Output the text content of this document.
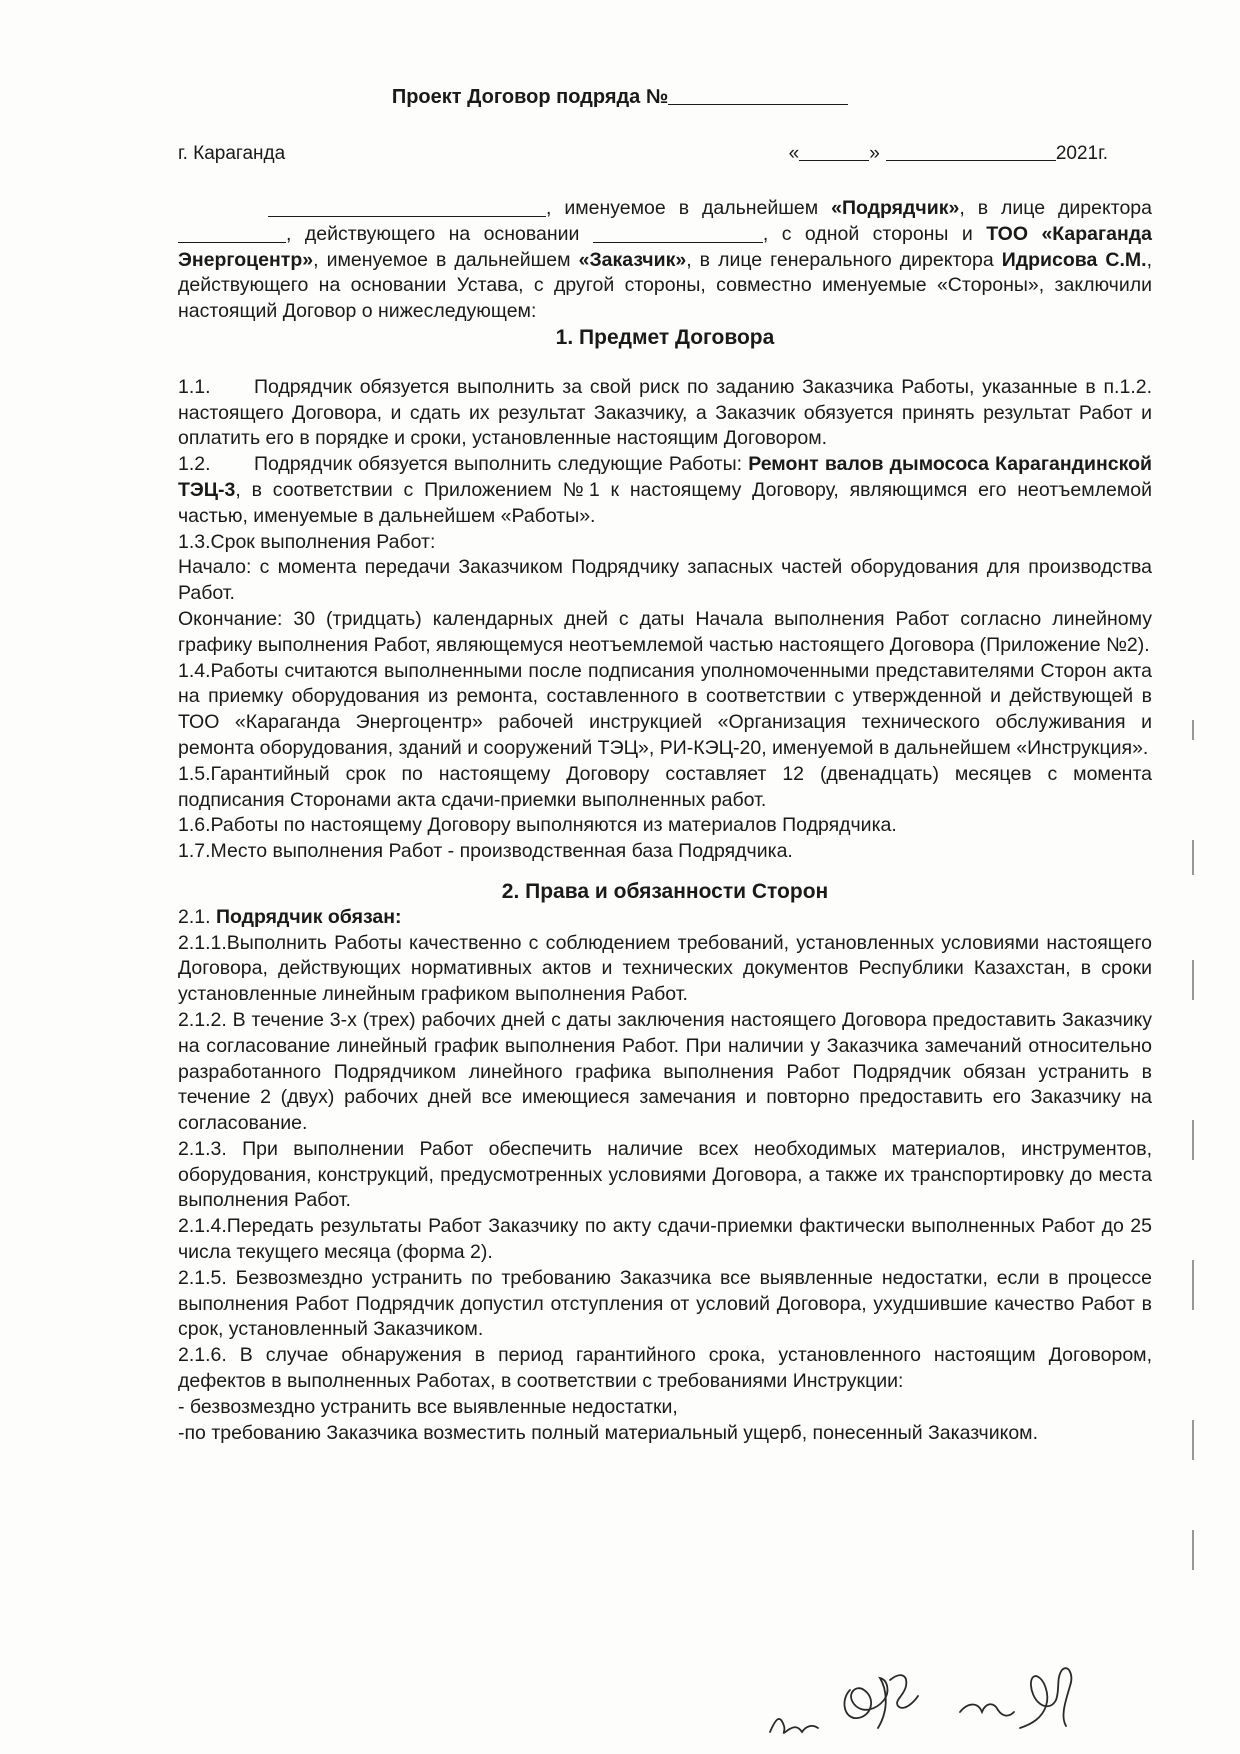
Проект Договор подряда №
г. Караганда	«	»	2021г.

, именуемое в дальнейшем «Подрядчик», в лице директора , действующего на основании	, с одной стороны и ТОО «Караганда Энергоцентр», именуемое в дальнейшем «Заказчик», в лице генерального директора Идрисова С.М., действующего на основании Устава, с другой стороны, совместно именуемые «Стороны», заключили настоящий Договор о нижеследующем:

1. Предмет Договора

1.1. Подрядчик обязуется выполнить за свой риск по заданию Заказчика Работы, указанные в п.1.2. настоящего Договора, и сдать их результат Заказчику, а Заказчик обязуется принять результат Работ и оплатить его в порядке и сроки, установленные настоящим Договором.

1.2. Подрядчик обязуется выполнить следующие Работы: Ремонт валов дымососа Карагандинской ТЭЦ-3, в соответствии с Приложением №1 к настоящему Договору, являющимся его неотъемлемой частью, именуемые в дальнейшем «Работы».

1.3.Срок выполнения Работ:

Начало: с момента передачи Заказчиком Подрядчику запасных частей оборудования для производства Работ.

Окончание: 30 (тридцать) календарных дней с даты Начала выполнения Работ согласно линейному графику выполнения Работ, являющемуся неотъемлемой частью настоящего Договора (Приложение №2).

1.4.Работы считаются выполненными после подписания уполномоченными представителями Сторон акта на приемку оборудования из ремонта, составленного в соответствии с утвержденной и действующей в ТОО «Караганда Энергоцентр» рабочей инструкцией «Организация технического обслуживания и ремонта оборудования, зданий и сооружений ТЭЦ», РИ-КЭЦ-20, именуемой в дальнейшем «Инструкция».

1.5.Гарантийный срок по настоящему Договору составляет 12 (двенадцать) месяцев с момента подписания Сторонами акта сдачи-приемки выполненных работ.

1.6.Работы по настоящему Договору выполняются из материалов Подрядчика.

1.7.Место выполнения Работ - производственная база Подрядчика.

2. Права и обязанности Сторон

2.1. Подрядчик обязан:

2.1.1.Выполнить Работы качественно с соблюдением требований, установленных условиями настоящего Договора, действующих нормативных актов и технических документов Республики Казахстан, в сроки установленные линейным графиком выполнения Работ.

2.1.2. В течение 3-х (трех) рабочих дней с даты заключения настоящего Договора предоставить Заказчику на согласование линейный график выполнения Работ. При наличии у Заказчика замечаний относительно разработанного Подрядчиком линейного графика выполнения Работ Подрядчик обязан устранить в течение 2 (двух) рабочих дней все имеющиеся замечания и повторно предоставить его Заказчику на согласование.

2.1.3. При выполнении Работ обеспечить наличие всех необходимых материалов, инструментов, оборудования, конструкций, предусмотренных условиями Договора, а также их транспортировку до места выполнения Работ.

2.1.4.Передать результаты Работ Заказчику по акту сдачи-приемки фактически выполненных Работ до 25 числа текущего месяца (форма 2).

2.1.5. Безвозмездно устранить по требованию Заказчика все выявленные недостатки, если в процессе выполнения Работ Подрядчик допустил отступления от условий Договора, ухудшившие качество Работ в срок, установленный Заказчиком.

2.1.6. В случае обнаружения в период гарантийного срока, установленного настоящим Договором, дефектов в выполненных Работах, в соответствии с требованиями Инструкции:

- безвозмездно устранить все выявленные недостатки,

-по требованию Заказчика возместить полный материальный ущерб, понесенный Заказчиком.
